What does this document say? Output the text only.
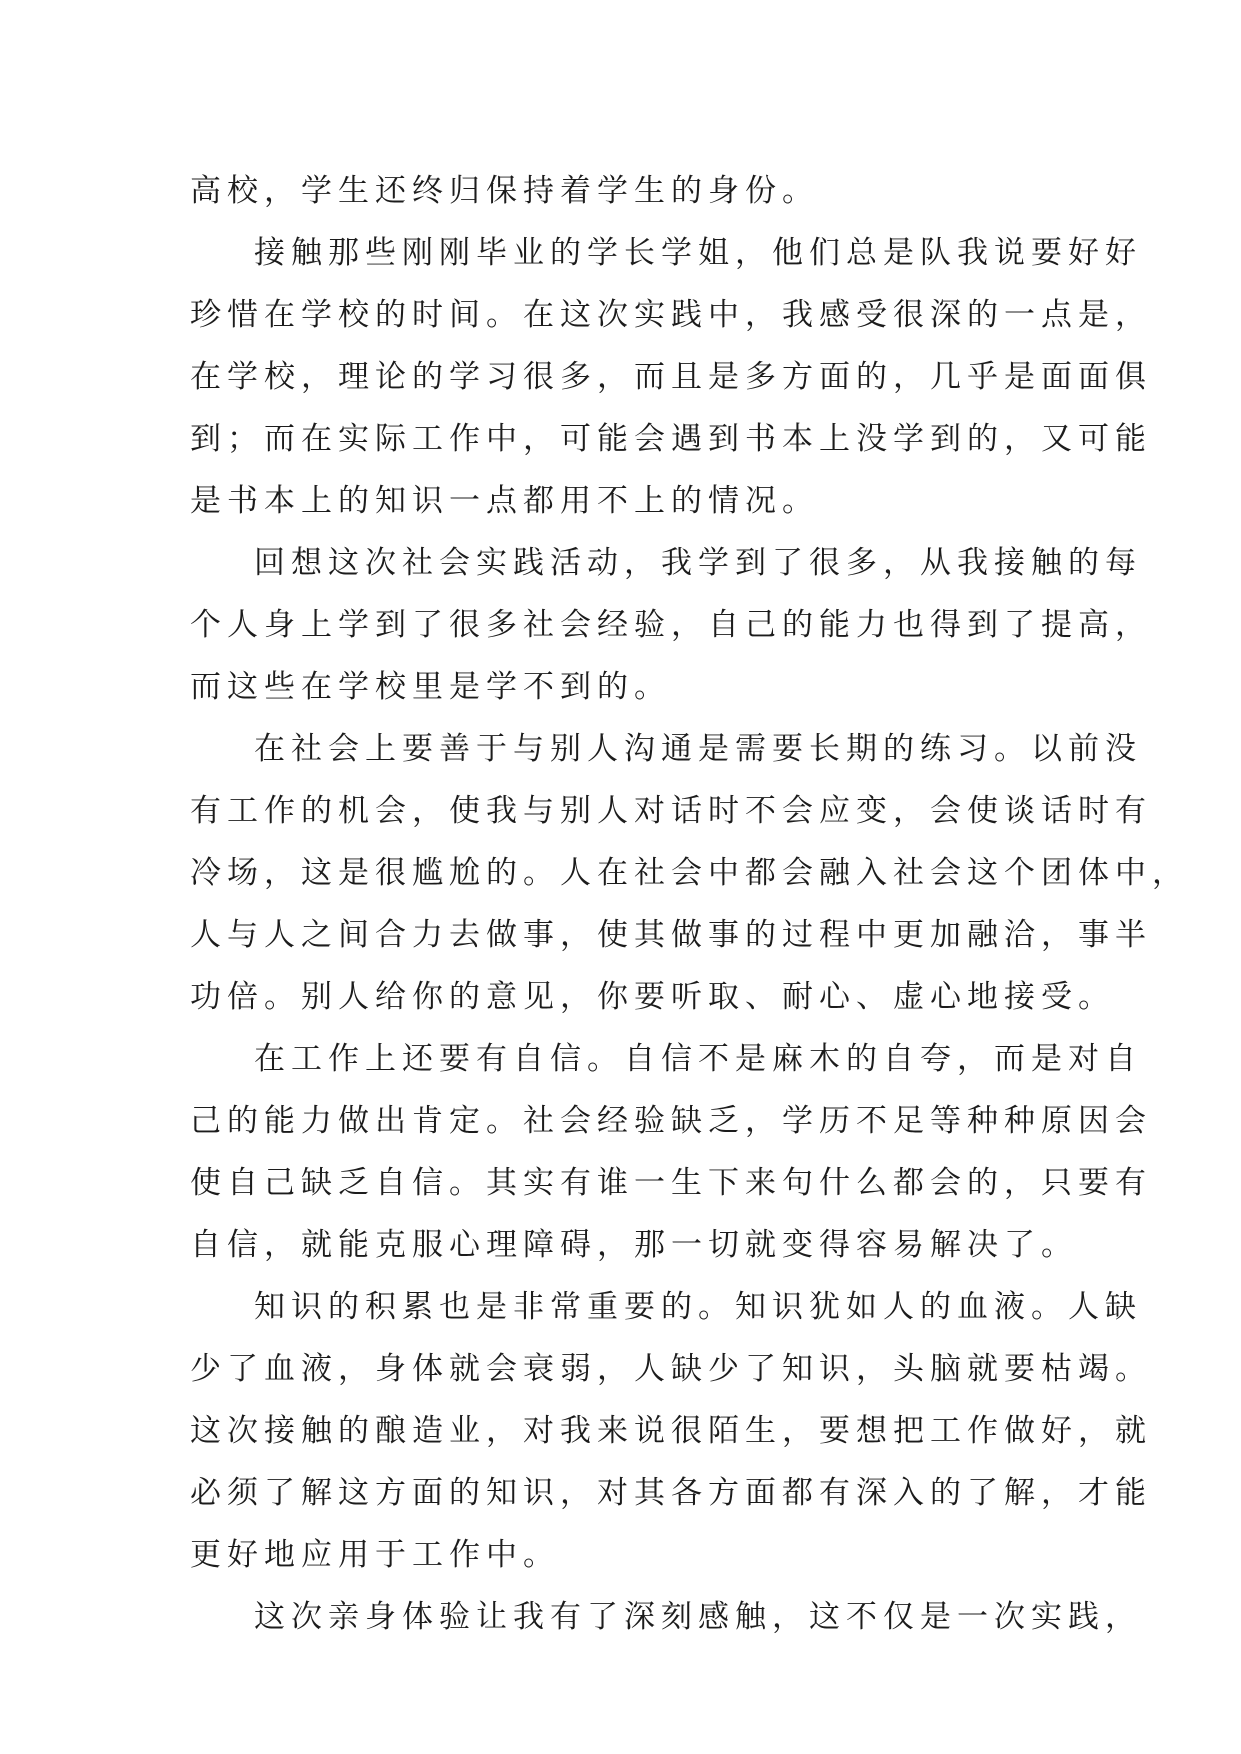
高校，学生还终归保持着学生的身份。
接触那些刚刚毕业的学长学姐，他们总是队我说要好好
珍惜在学校的时间。在这次实践中，我感受很深的一点是，
在学校，理论的学习很多，而且是多方面的，几乎是面面俱
到；而在实际工作中，可能会遇到书本上没学到的，又可能
是书本上的知识一点都用不上的情况。
回想这次社会实践活动，我学到了很多，从我接触的每
个人身上学到了很多社会经验，自己的能力也得到了提高，
而这些在学校里是学不到的。
在社会上要善于与别人沟通是需要长期的练习。以前没
有工作的机会，使我与别人对话时不会应变，会使谈话时有
冷场，这是很尴尬的。人在社会中都会融入社会这个团体中，
人与人之间合力去做事，使其做事的过程中更加融洽，事半
功倍。别人给你的意见，你要听取、耐心、虚心地接受。
在工作上还要有自信。自信不是麻木的自夸，而是对自
己的能力做出肯定。社会经验缺乏，学历不足等种种原因会
使自己缺乏自信。其实有谁一生下来句什么都会的，只要有
自信，就能克服心理障碍，那一切就变得容易解决了。
知识的积累也是非常重要的。知识犹如人的血液。人缺
少了血液，身体就会衰弱，人缺少了知识，头脑就要枯竭。
这次接触的酿造业，对我来说很陌生，要想把工作做好，就
必须了解这方面的知识，对其各方面都有深入的了解，才能
更好地应用于工作中。
这次亲身体验让我有了深刻感触，这不仅是一次实践，
